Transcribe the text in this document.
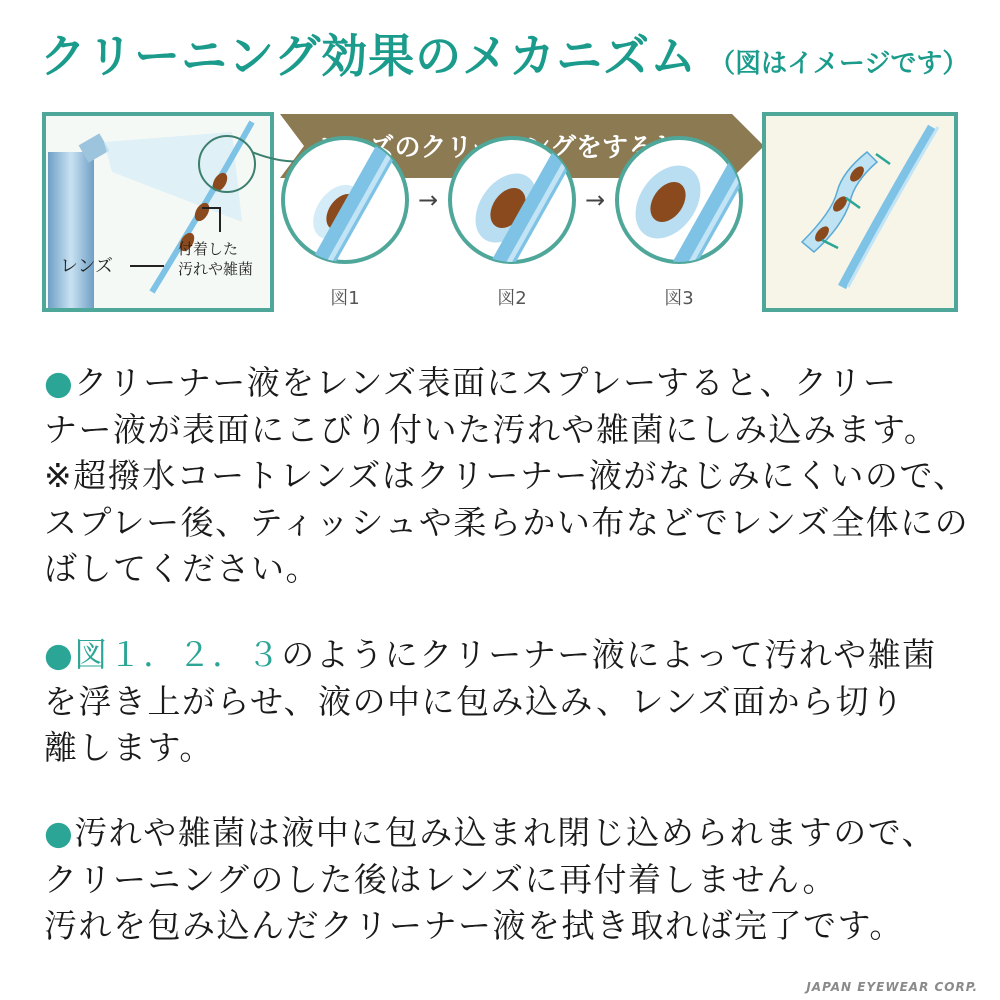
クリーニング効果のメカニズム （図はイメージです）
付着した
汚れや雑菌
レンズ
図1
→
図2
→
図3

●クリーナー液をレンズ表面にスプレーすると、クリー
ナー液が表面にこびり付いた汚れや雑菌にしみ込みます。
※超撥水コートレンズはクリーナー液がなじみにくいので、
スプレー後、ティッシュや柔らかい布などでレンズ全体にの
ばしてください。

●図１．２．３のようにクリーナー液によって汚れや雑菌
を浮き上がらせ、液の中に包み込み、レンズ面から切り
離します。

●汚れや雑菌は液中に包み込まれ閉じ込められますので、
クリーニングのした後はレンズに再付着しません。
汚れを包み込んだクリーナー液を拭き取れば完了です。

JAPAN EYEWEAR CORP.
